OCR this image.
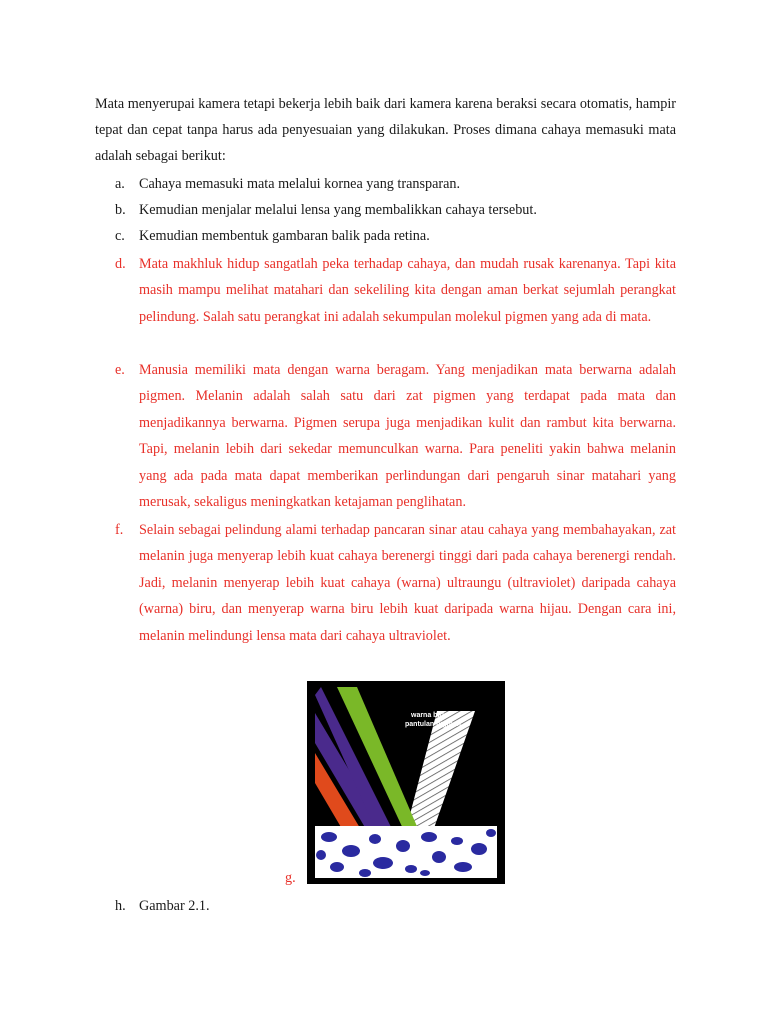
Mata menyerupai kamera tetapi bekerja lebih baik dari kamera karena beraksi secara otomatis, hampir tepat dan cepat tanpa harus ada penyesuaian yang dilakukan. Proses dimana cahaya memasuki mata adalah sebagai berikut:

a. Cahaya memasuki mata melalui kornea yang transparan.

b. Kemudian menjalar melalui lensa yang membalikkan cahaya tersebut.

c. Kemudian membentuk gambaran balik pada retina.

d. Mata makhluk hidup sangatlah peka terhadap cahaya, dan mudah rusak karenanya. Tapi kita masih mampu melihat matahari dan sekeliling kita dengan aman berkat sejumlah perangkat pelindung. Salah satu perangkat ini adalah sekumpulan molekul pigmen yang ada di mata.

e. Manusia memiliki mata dengan warna beragam. Yang menjadikan mata berwarna adalah pigmen. Melanin adalah salah satu dari zat pigmen yang terdapat pada mata dan menjadikannya berwarna. Pigmen serupa juga menjadikan kulit dan rambut kita berwarna. Tapi, melanin lebih dari sekedar memunculkan warna. Para peneliti yakin bahwa melanin yang ada pada mata dapat memberikan perlindungan dari pengaruh sinar matahari yang merusak, sekaligus meningkatkan ketajaman penglihatan.

f.	Selain sebagai pelindung alami terhadap pancaran sinar atau cahaya yang membahayakan, zat melanin juga menyerap lebih kuat cahaya berenergi tinggi dari pada cahaya berenergi rendah. Jadi, melanin menyerap lebih kuat cahaya (warna) ultraungu (ultraviolet) daripada cahaya (warna) biru, dan menyerap warna biru lebih kuat daripada warna hijau. Dengan cara ini, melanin melindungi lensa mata dari cahaya ultraviolet.

warna biru
pantulan pigmen
g.

h. Gambar 2.1.
